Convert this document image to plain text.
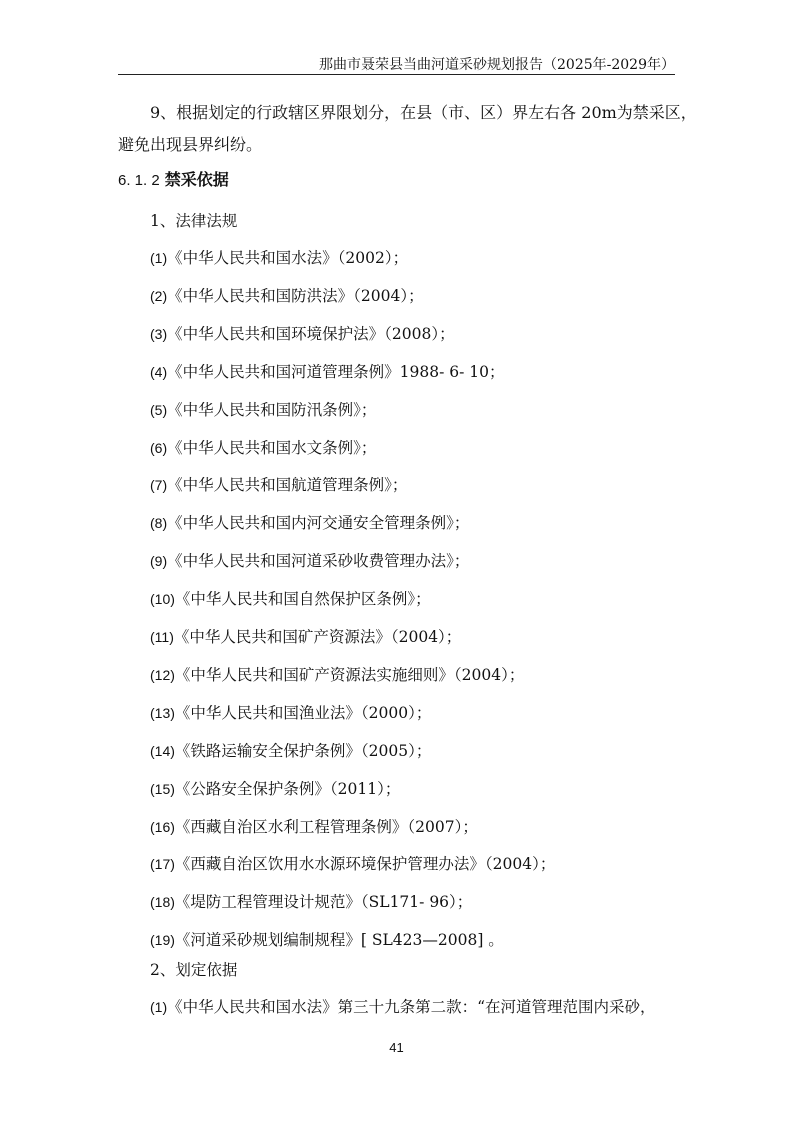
那曲市聂荣县当曲河道采砂规划报告（2025年-2029年）
9、根据划定的行政辖区界限划分，在县（市、区）界左右各 20m为禁采区，
避免出现县界纠纷。
6. 1. 2 禁采依据
1、法律法规
(1)《中华人民共和国水法》（2002）；
(2)《中华人民共和国防洪法》（2004）；
(3)《中华人民共和国环境保护法》（2008）；
(4)《中华人民共和国河道管理条例》1988- 6- 10；
(5)《中华人民共和国防汛条例》；
(6)《中华人民共和国水文条例》；
(7)《中华人民共和国航道管理条例》；
(8)《中华人民共和国内河交通安全管理条例》；
(9)《中华人民共和国河道采砂收费管理办法》；
(10)《中华人民共和国自然保护区条例》；
(11)《中华人民共和国矿产资源法》（2004）；
(12)《中华人民共和国矿产资源法实施细则》（2004）；
(13)《中华人民共和国渔业法》（2000）；
(14)《铁路运输安全保护条例》（2005）；
(15)《公路安全保护条例》（2011）；
(16)《西藏自治区水利工程管理条例》（2007）；
(17)《西藏自治区饮用水水源环境保护管理办法》（2004）；
(18)《堤防工程管理设计规范》（SL171- 96）；
(19)《河道采砂规划编制规程》[ SL423—2008] 。
2、划定依据
(1)《中华人民共和国水法》第三十九条第二款：“在河道管理范围内采砂，
41
